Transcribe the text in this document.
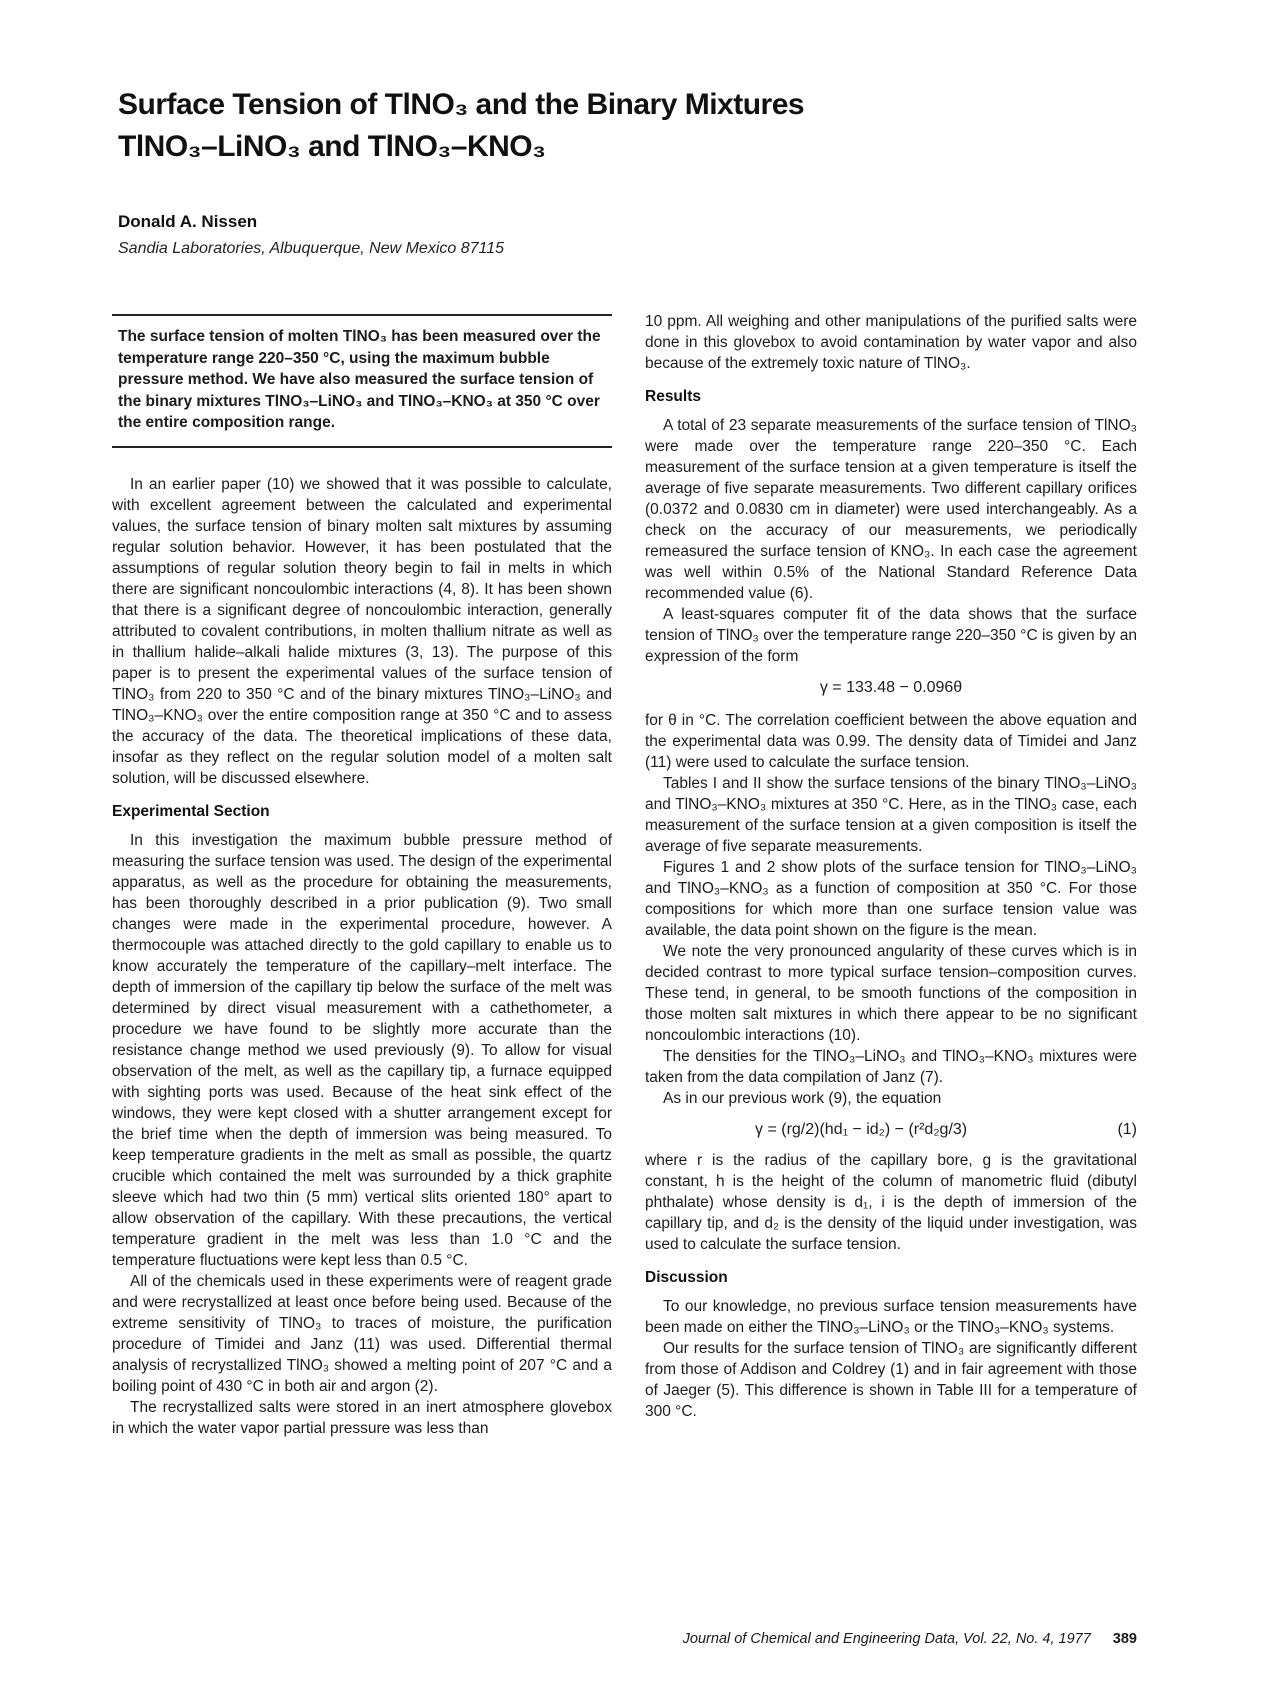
Surface Tension of TlNO₃ and the Binary Mixtures
TlNO₃–LiNO₃ and TlNO₃–KNO₃
Donald A. Nissen
Sandia Laboratories, Albuquerque, New Mexico 87115
The surface tension of molten TlNO₃ has been measured over the temperature range 220–350 °C, using the maximum bubble pressure method. We have also measured the surface tension of the binary mixtures TlNO₃–LiNO₃ and TlNO₃–KNO₃ at 350 °C over the entire composition range.

In an earlier paper (10) we showed that it was possible to calculate, with excellent agreement between the calculated and experimental values, the surface tension of binary molten salt mixtures by assuming regular solution behavior. However, it has been postulated that the assumptions of regular solution theory begin to fail in melts in which there are significant noncoulombic interactions (4, 8). It has been shown that there is a significant degree of noncoulombic interaction, generally attributed to covalent contributions, in molten thallium nitrate as well as in thallium halide–alkali halide mixtures (3, 13). The purpose of this paper is to present the experimental values of the surface tension of TlNO₃ from 220 to 350 °C and of the binary mixtures TlNO₃–LiNO₃ and TlNO₃–KNO₃ over the entire composition range at 350 °C and to assess the accuracy of the data. The theoretical implications of these data, insofar as they reflect on the regular solution model of a molten salt solution, will be discussed elsewhere.

Experimental Section

In this investigation the maximum bubble pressure method of measuring the surface tension was used. The design of the experimental apparatus, as well as the procedure for obtaining the measurements, has been thoroughly described in a prior publication (9). Two small changes were made in the experimental procedure, however. A thermocouple was attached directly to the gold capillary to enable us to know accurately the temperature of the capillary–melt interface. The depth of immersion of the capillary tip below the surface of the melt was determined by direct visual measurement with a cathethometer, a procedure we have found to be slightly more accurate than the resistance change method we used previously (9). To allow for visual observation of the melt, as well as the capillary tip, a furnace equipped with sighting ports was used. Because of the heat sink effect of the windows, they were kept closed with a shutter arrangement except for the brief time when the depth of immersion was being measured. To keep temperature gradients in the melt as small as possible, the quartz crucible which contained the melt was surrounded by a thick graphite sleeve which had two thin (5 mm) vertical slits oriented 180° apart to allow observation of the capillary. With these precautions, the vertical temperature gradient in the melt was less than 1.0 °C and the temperature fluctuations were kept less than 0.5 °C.

All of the chemicals used in these experiments were of reagent grade and were recrystallized at least once before being used. Because of the extreme sensitivity of TlNO₃ to traces of moisture, the purification procedure of Timidei and Janz (11) was used. Differential thermal analysis of recrystallized TlNO₃ showed a melting point of 207 °C and a boiling point of 430 °C in both air and argon (2).

The recrystallized salts were stored in an inert atmosphere glovebox in which the water vapor partial pressure was less than

10 ppm. All weighing and other manipulations of the purified salts were done in this glovebox to avoid contamination by water vapor and also because of the extremely toxic nature of TlNO₃.

Results

A total of 23 separate measurements of the surface tension of TlNO₃ were made over the temperature range 220–350 °C. Each measurement of the surface tension at a given temperature is itself the average of five separate measurements. Two different capillary orifices (0.0372 and 0.0830 cm in diameter) were used interchangeably. As a check on the accuracy of our measurements, we periodically remeasured the surface tension of KNO₃. In each case the agreement was well within 0.5% of the National Standard Reference Data recommended value (6).

A least-squares computer fit of the data shows that the surface tension of TlNO₃ over the temperature range 220–350 °C is given by an expression of the form

γ = 133.48 − 0.096θ

for θ in °C. The correlation coefficient between the above equation and the experimental data was 0.99. The density data of Timidei and Janz (11) were used to calculate the surface tension.

Tables I and II show the surface tensions of the binary TlNO₃–LiNO₃ and TlNO₃–KNO₃ mixtures at 350 °C. Here, as in the TlNO₃ case, each measurement of the surface tension at a given composition is itself the average of five separate measurements.

Figures 1 and 2 show plots of the surface tension for TlNO₃–LiNO₃ and TlNO₃–KNO₃ as a function of composition at 350 °C. For those compositions for which more than one surface tension value was available, the data point shown on the figure is the mean.

We note the very pronounced angularity of these curves which is in decided contrast to more typical surface tension–composition curves. These tend, in general, to be smooth functions of the composition in those molten salt mixtures in which there appear to be no significant noncoulombic interactions (10).

The densities for the TlNO₃–LiNO₃ and TlNO₃–KNO₃ mixtures were taken from the data compilation of Janz (7).

As in our previous work (9), the equation

γ = (rg/2)(hd₁ − id₂) − (r²d₂g/3)	(1)

where r is the radius of the capillary bore, g is the gravitational constant, h is the height of the column of manometric fluid (dibutyl phthalate) whose density is d₁, i is the depth of immersion of the capillary tip, and d₂ is the density of the liquid under investigation, was used to calculate the surface tension.

Discussion

To our knowledge, no previous surface tension measurements have been made on either the TlNO₃–LiNO₃ or the TlNO₃–KNO₃ systems.

Our results for the surface tension of TlNO₃ are significantly different from those of Addison and Coldrey (1) and in fair agreement with those of Jaeger (5). This difference is shown in Table III for a temperature of 300 °C.

Journal of Chemical and Engineering Data, Vol. 22, No. 4, 1977 389
